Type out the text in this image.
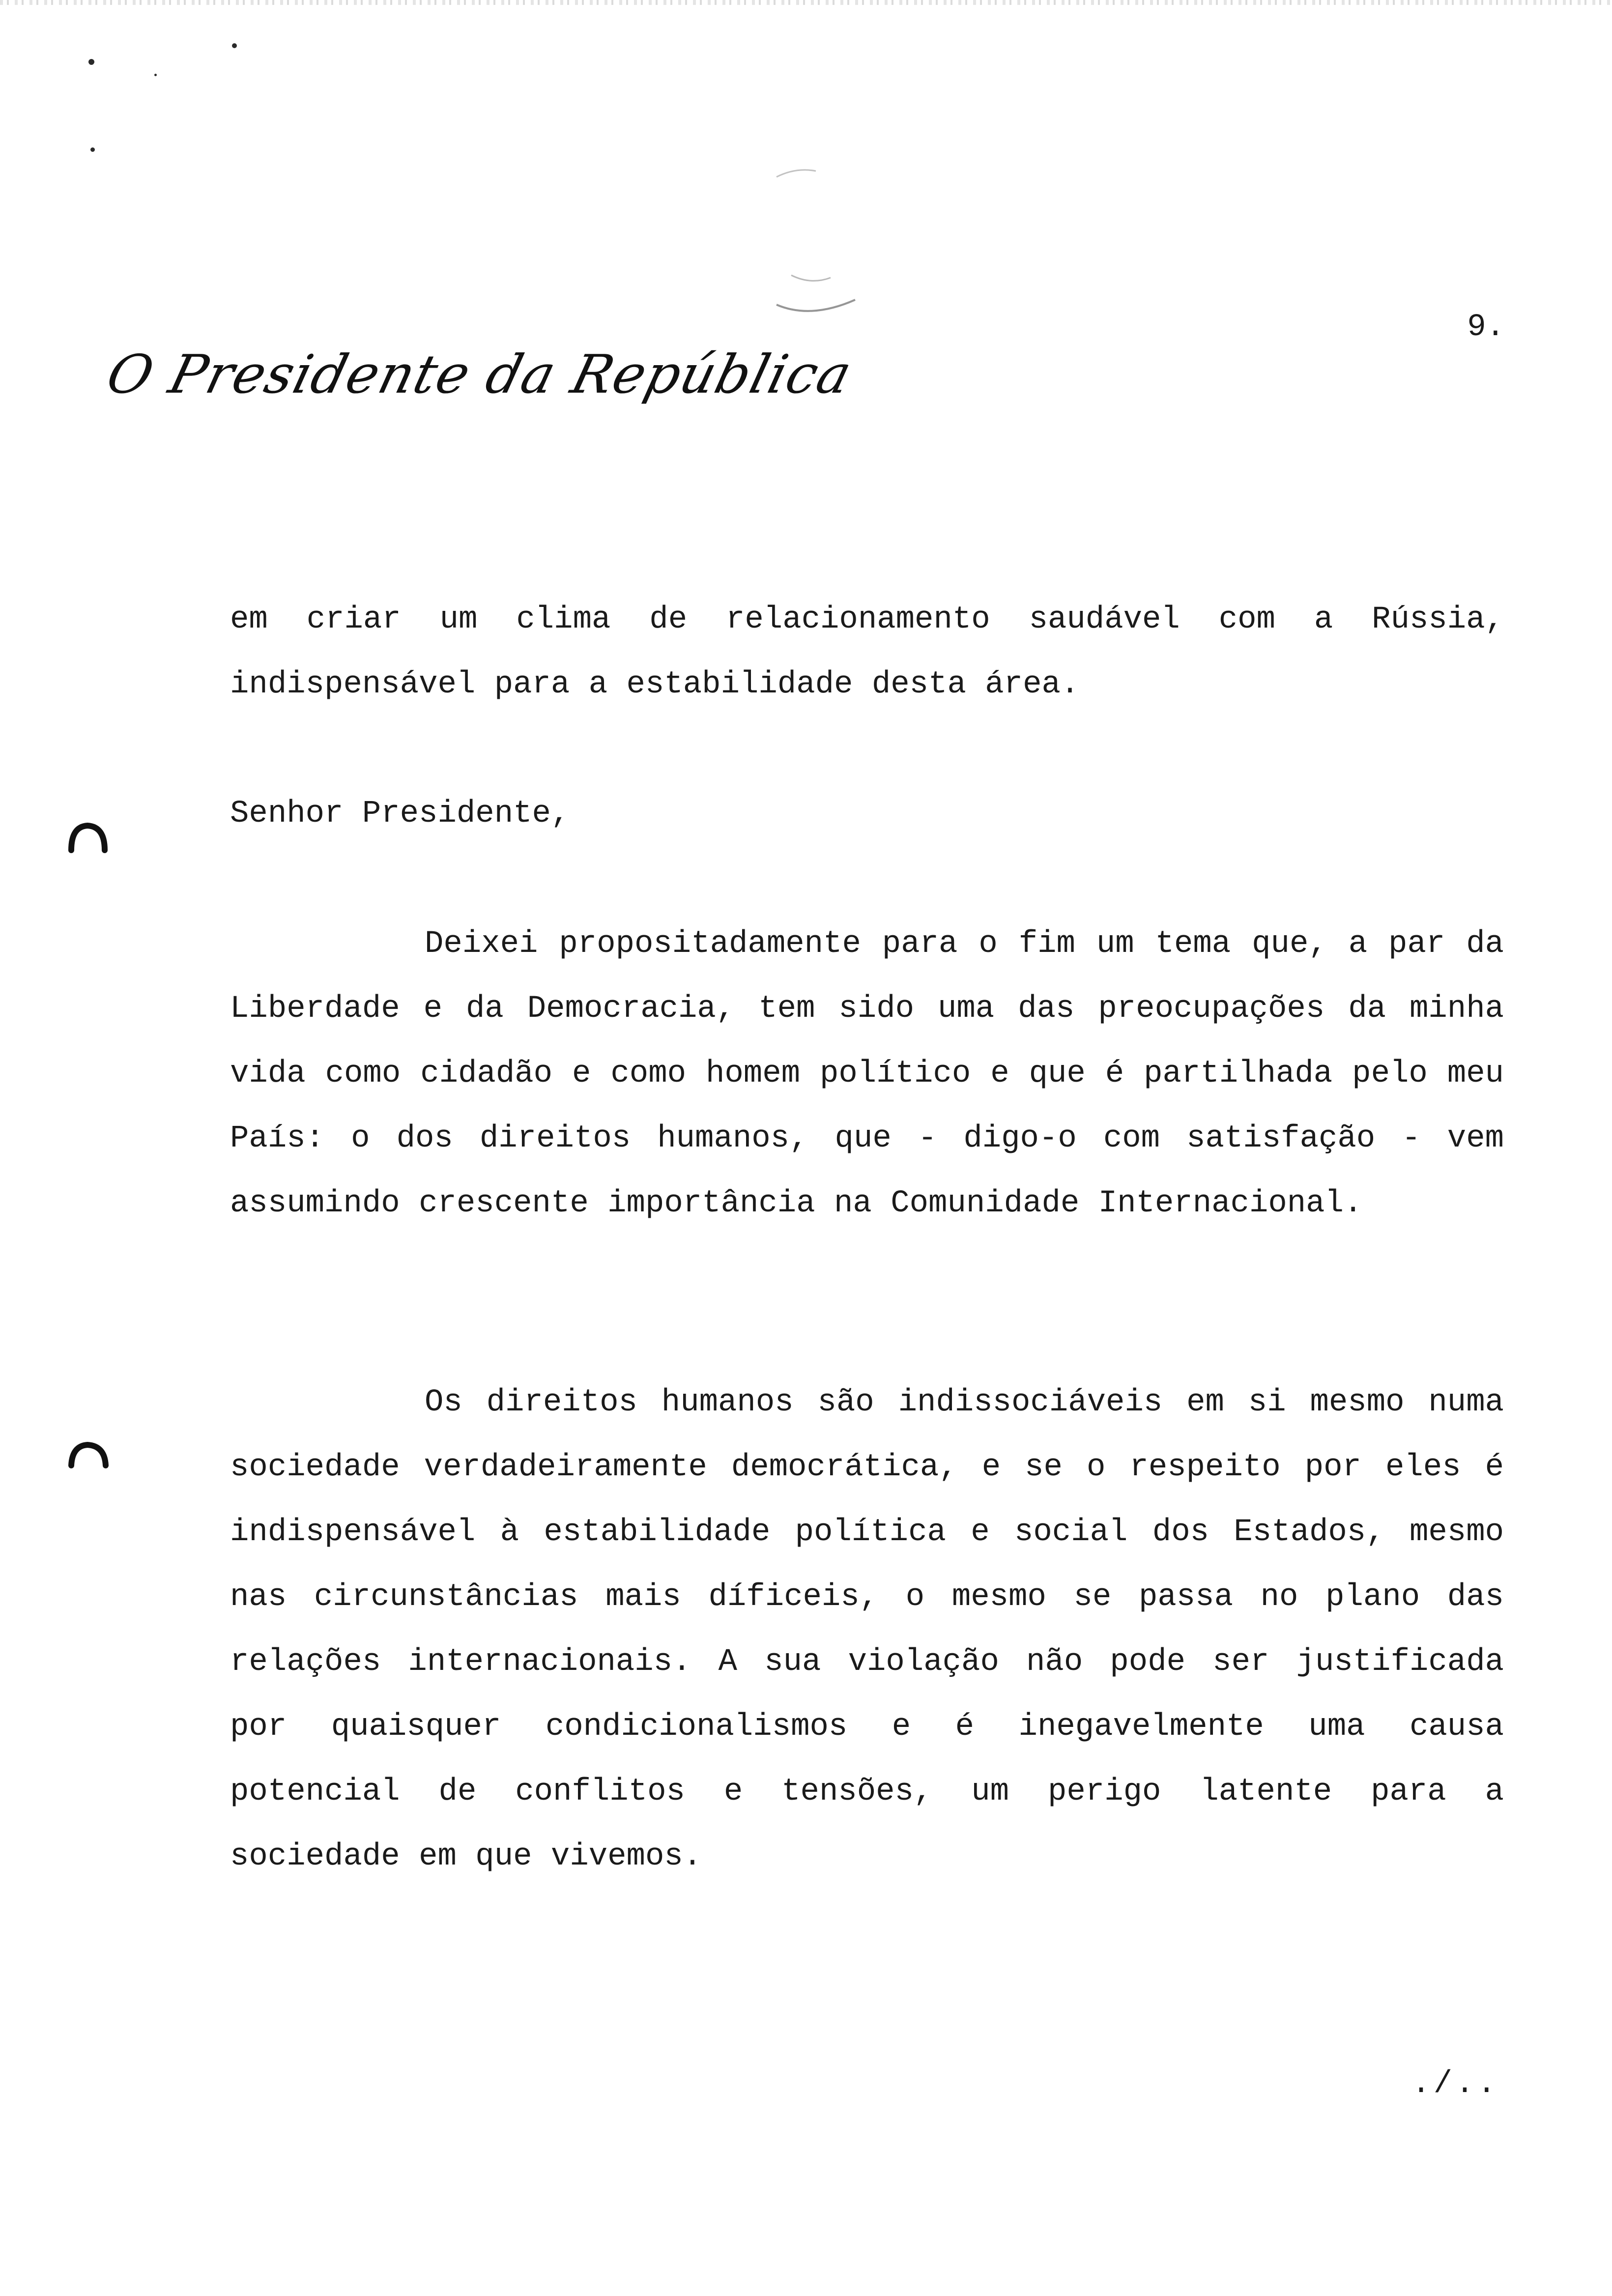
9.
O Presidente da República

em criar um clima de relacionamento saudável com a Rússia, indispensável para a estabilidade desta área.

Senhor Presidente,

Deixei propositadamente para o fim um tema que, a par da Liberdade e da Democracia, tem sido uma das preocupações da minha vida como cidadão e como homem político e que é partilhada pelo meu País: o dos direitos humanos, que - digo-o com satisfação - vem assumindo crescente importância na Comunidade Internacional.

Os direitos humanos são indissociáveis em si mesmo numa sociedade verdadeiramente democrática, e se o respeito por eles é indispensável à estabilidade política e social dos Estados, mesmo nas circunstâncias mais díficeis, o mesmo se passa no plano das relações internacionais. A sua violação não pode ser justificada por quaisquer condicionalismos e é inegavelmente uma causa potencial de conflitos e tensões, um perigo latente para a sociedade em que vivemos.

./..
